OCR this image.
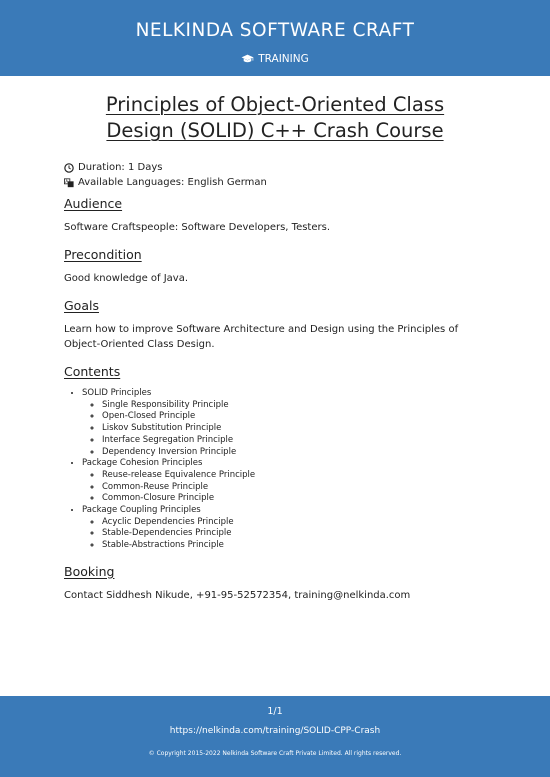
NELKINDA SOFTWARE CRAFT
TRAINING
Principles of Object-Oriented Class
Design (SOLID) C++ Crash Course
Duration: 1 Days
A Available Languages: English German
Audience

Software Craftspeople: Software Developers, Testers.

Precondition

Good knowledge of Java.

Goals

Learn how to improve Software Architecture and Design using the Principles of Object-Oriented Class Design.

Contents
• SOLID Principles
◦ Single Responsibility Principle
◦ Open-Closed Principle
◦ Liskov Substitution Principle
◦ Interface Segregation Principle
◦ Dependency Inversion Principle
• Package Cohesion Principles
◦ Reuse-release Equivalence Principle
◦ Common-Reuse Principle
◦ Common-Closure Principle
• Package Coupling Principles
◦ Acyclic Dependencies Principle
◦ Stable-Dependencies Principle
◦ Stable-Abstractions Principle
Booking

Contact Siddhesh Nikude, +91-95-52572354, training@nelkinda.com

1/1
https://nelkinda.com/training/SOLID-CPP-Crash
© Copyright 2015-2022 Nelkinda Software Craft Private Limited. All rights reserved.
